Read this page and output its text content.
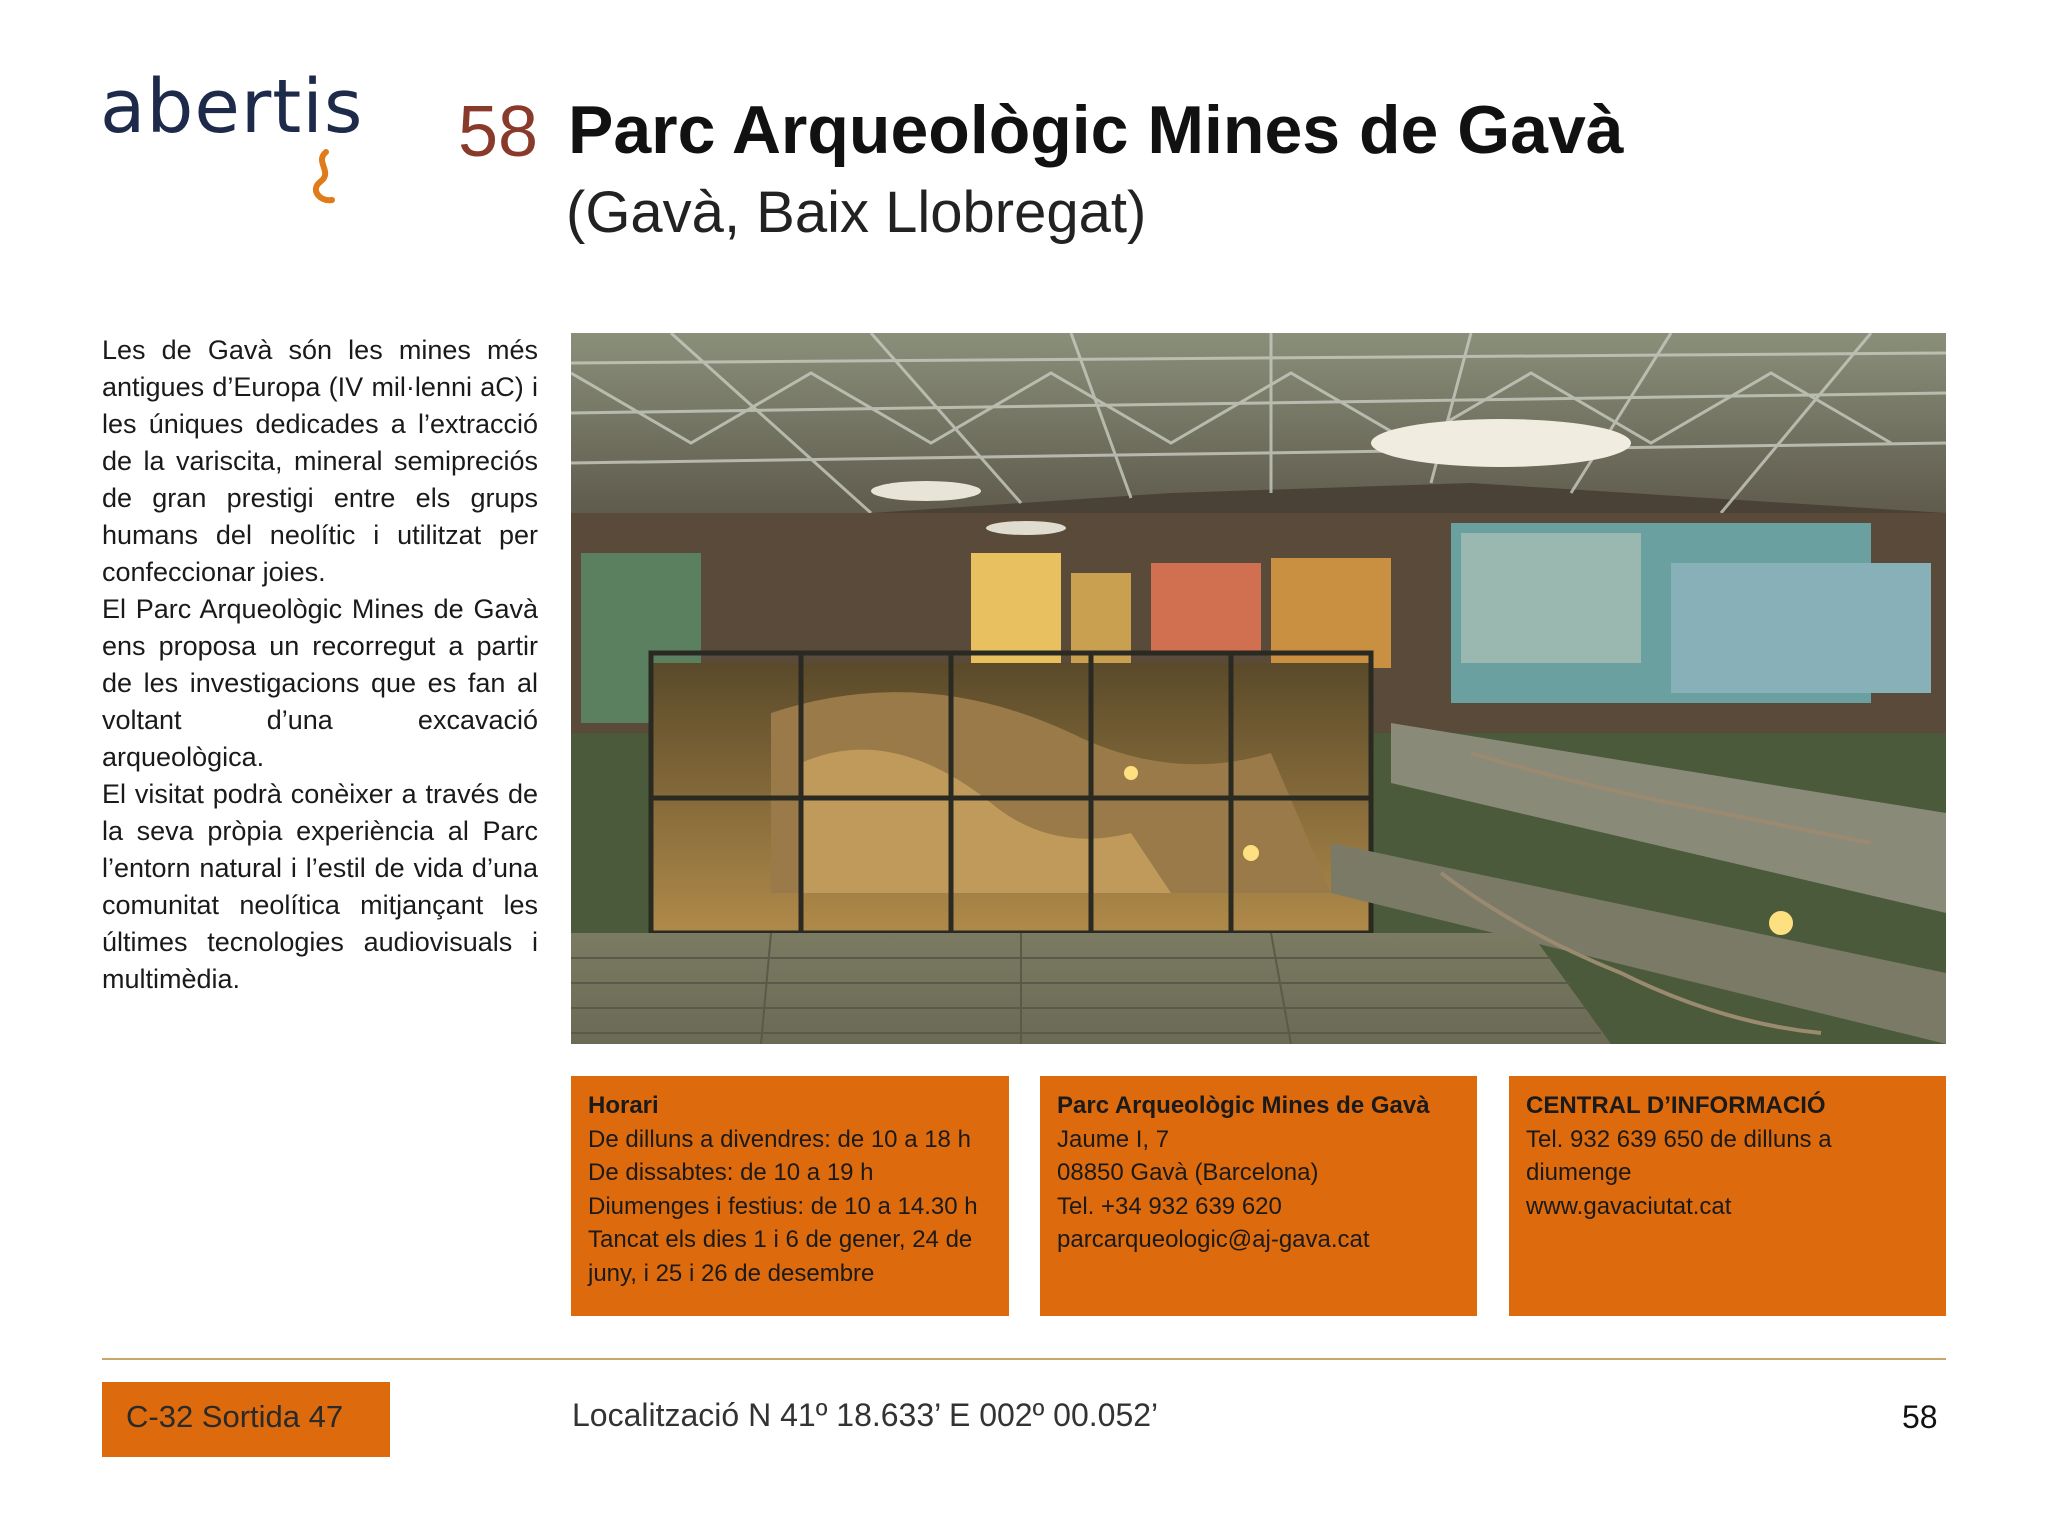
abertis 58 Parc Arqueològic Mines de Gavà
(Gavà, Baix Llobregat)

Les de Gavà són les mines més antigues d’Europa (IV mil·lenni aC) i les úniques dedicades a l’extracció de la variscita, mineral semipreciós de gran prestigi entre els grups humans del neolític i utilitzat per confeccionar joies.

El Parc Arqueològic Mines de Gavà ens proposa un recorregut a partir de les investigacions que es fan al voltant d’una excavació arqueològica.

El visitat podrà conèixer a través de la seva pròpia experiència al Parc l’entorn natural i l’estil de vida d’una comunitat neolítica mitjançant les últimes tecnologies audiovisuals i multimèdia.

Horari
De dilluns a divendres: de 10 a 18 h
De dissabtes: de 10 a 19 h
Diumenges i festius: de 10 a 14.30 h
Tancat els dies 1 i 6 de gener, 24 de
juny, i 25 i 26 de desembre
Parc Arqueològic Mines de Gavà
Jaume I, 7
08850 Gavà (Barcelona)
Tel. +34 932 639 620
parcarqueologic@aj-gava.cat
CENTRAL D’INFORMACIÓ
Tel. 932 639 650 de dilluns a
diumenge
www.gavaciutat.cat
C-32 Sortida 47	Localització N 41º 18.633’ E 002º 00.052’	58
